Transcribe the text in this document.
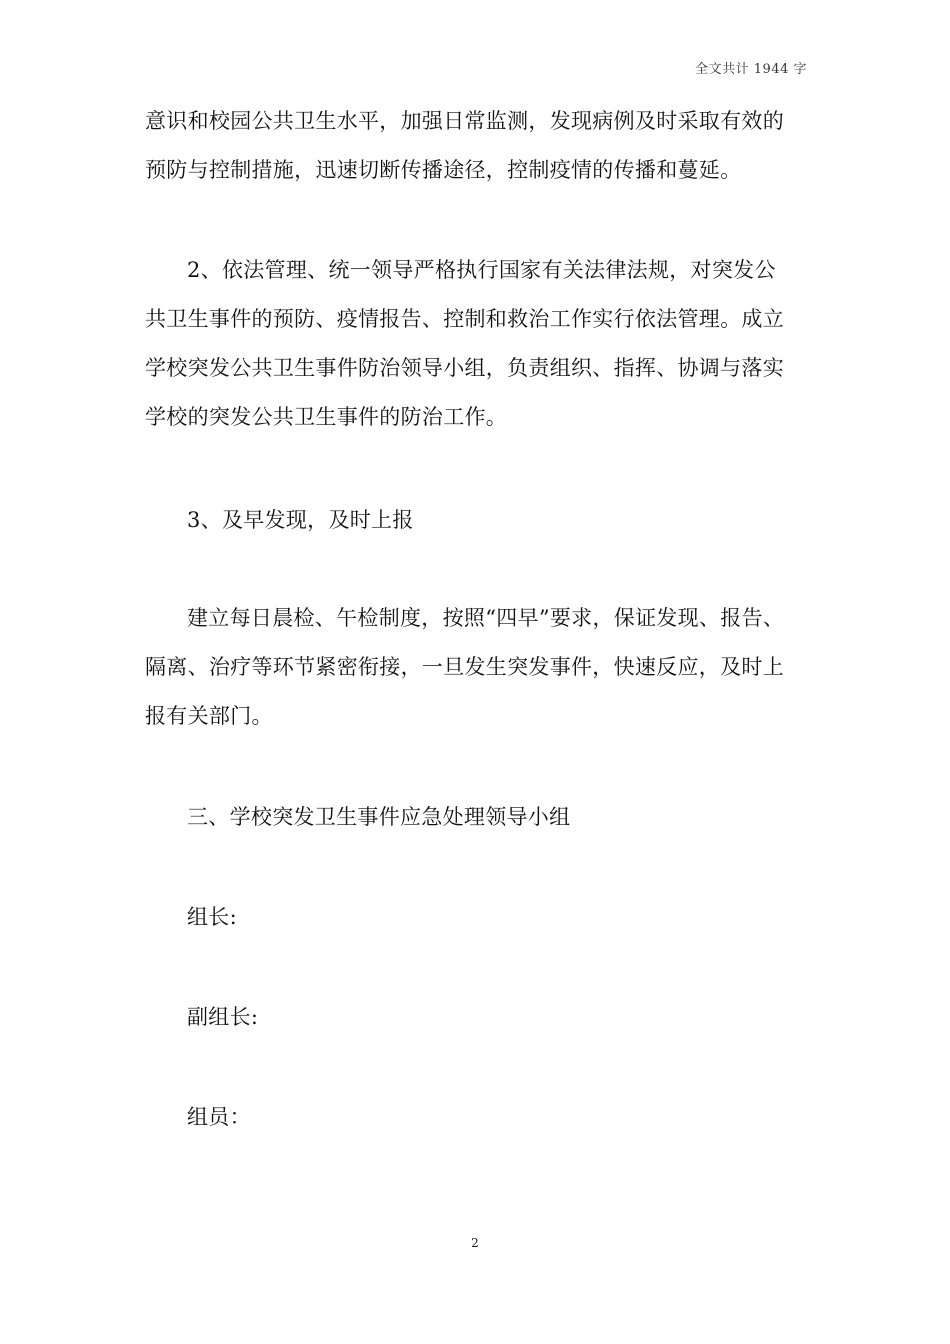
全文共计 1944 字
意识和校园公共卫生水平，加强日常监测，发现病例及时采取有效的
预防与控制措施，迅速切断传播途径，控制疫情的传播和蔓延。
2、依法管理、统一领导严格执行国家有关法律法规，对突发公
共卫生事件的预防、疫情报告、控制和救治工作实行依法管理。成立
学校突发公共卫生事件防治领导小组，负责组织、指挥、协调与落实
学校的突发公共卫生事件的防治工作。
3、及早发现，及时上报
建立每日晨检、午检制度，按照“四早”要求，保证发现、报告、
隔离、治疗等环节紧密衔接，一旦发生突发事件，快速反应，及时上
报有关部门。
三、学校突发卫生事件应急处理领导小组
组长:
副组长:
组员：
2
